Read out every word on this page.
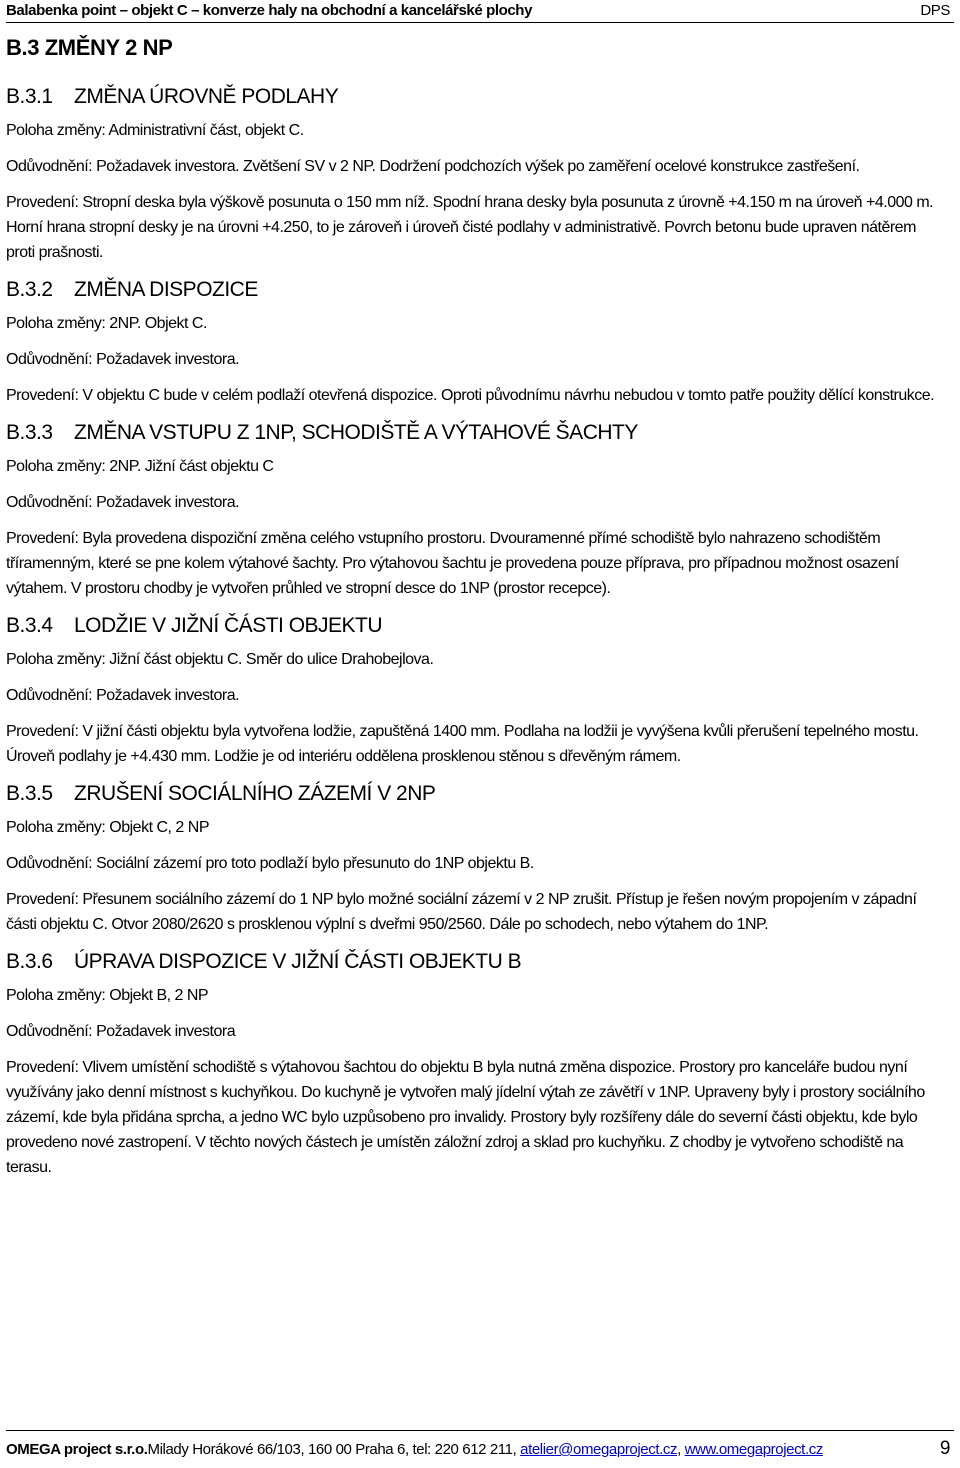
Balabenka point – objekt C – konverze haly na obchodní a kancelářské plochy	DPS
B.3 ZMĚNY 2 NP
B.3.1	ZMĚNA ÚROVNĚ PODLAHY

Poloha změny: Administrativní část, objekt C.

Odůvodnění: Požadavek investora. Zvětšení SV v 2 NP. Dodržení podchozích výšek po zaměření ocelové konstrukce zastřešení.

Provedení: Stropní deska byla výškově posunuta o 150 mm níž. Spodní hrana desky byla posunuta z úrovně +4.150 m na úroveň +4.000 m. Horní hrana stropní desky je na úrovni +4.250, to je zároveň i úroveň čisté podlahy v administrativě. Povrch betonu bude upraven nátěrem proti prašnosti.

B.3.2	ZMĚNA DISPOZICE

Poloha změny: 2NP. Objekt C.

Odůvodnění: Požadavek investora.

Provedení: V objektu C bude v celém podlaží otevřená dispozice. Oproti původnímu návrhu nebudou v tomto patře použity dělící konstrukce.

B.3.3	ZMĚNA VSTUPU Z 1NP, SCHODIŠTĚ A VÝTAHOVÉ ŠACHTY

Poloha změny: 2NP. Jižní část objektu C

Odůvodnění: Požadavek investora.

Provedení: Byla provedena dispoziční změna celého vstupního prostoru. Dvouramenné přímé schodiště bylo nahrazeno schodištěm tříramenným, které se pne kolem výtahové šachty. Pro výtahovou šachtu je provedena pouze příprava, pro případnou možnost osazení výtahem. V prostoru chodby je vytvořen průhled ve stropní desce do 1NP (prostor recepce).

B.3.4	LODŽIE V JIŽNÍ ČÁSTI OBJEKTU

Poloha změny: Jižní část objektu C. Směr do ulice Drahobejlova.

Odůvodnění: Požadavek investora.

Provedení: V jižní části objektu byla vytvořena lodžie, zapuštěná 1400 mm. Podlaha na lodžii je vyvýšena kvůli přerušení tepelného mostu. Úroveň podlahy je +4.430 mm. Lodžie je od interiéru oddělena prosklenou stěnou s dřevěným rámem.

B.3.5	ZRUŠENÍ SOCIÁLNÍHO ZÁZEMÍ V 2NP

Poloha změny: Objekt C, 2 NP

Odůvodnění: Sociální zázemí pro toto podlaží bylo přesunuto do 1NP objektu B.

Provedení: Přesunem sociálního zázemí do 1 NP bylo možné sociální zázemí v 2 NP zrušit. Přístup je řešen novým propojením v západní části objektu C. Otvor 2080/2620 s prosklenou výplní s dveřmi 950/2560. Dále po schodech, nebo výtahem do 1NP.

B.3.6	ÚPRAVA DISPOZICE V JIŽNÍ ČÁSTI OBJEKTU B

Poloha změny: Objekt B, 2 NP

Odůvodnění: Požadavek investora

Provedení: Vlivem umístění schodiště s výtahovou šachtou do objektu B byla nutná změna dispozice. Prostory pro kanceláře budou nyní využívány jako denní místnost s kuchyňkou. Do kuchyně je vytvořen malý jídelní výtah ze závětří v 1NP. Upraveny byly i prostory sociálního zázemí, kde byla přidána sprcha, a jedno WC bylo uzpůsobeno pro invalidy. Prostory byly rozšířeny dále do severní části objektu, kde bylo provedeno nové zastropení. V těchto nových částech je umístěn záložní zdroj a sklad pro kuchyňku. Z chodby je vytvořeno schodiště na terasu.

OMEGA project s.r.o.Milady Horákové 66/103, 160 00 Praha 6, tel: 220 612 211, atelier@omegaproject.cz, www.omegaproject.cz	9
